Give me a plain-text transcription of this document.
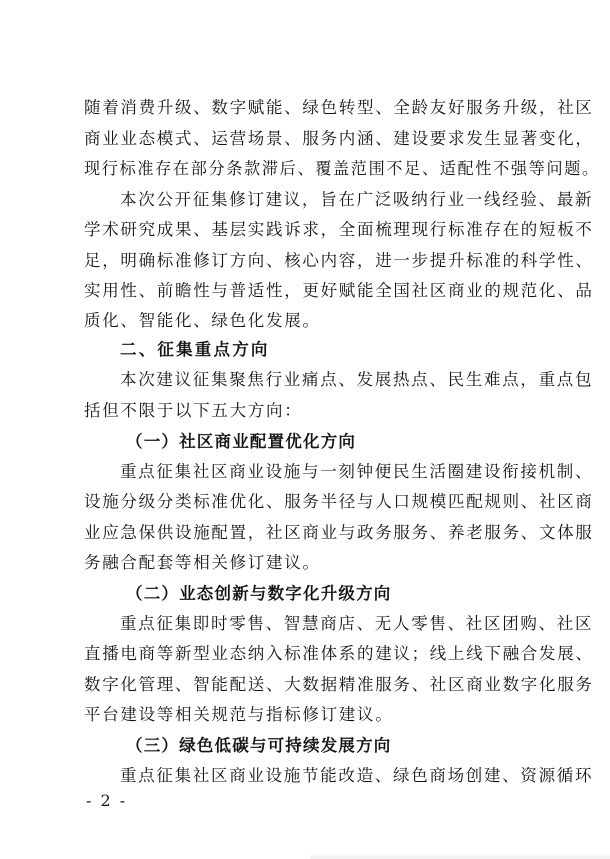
随着消费升级、数字赋能、绿色转型、全龄友好服务升级，社区
商业业态模式、运营场景、服务内涵、建设要求发生显著变化，
现行标准存在部分条款滞后、覆盖范围不足、适配性不强等问题。
本次公开征集修订建议，旨在广泛吸纳行业一线经验、最新
学术研究成果、基层实践诉求，全面梳理现行标准存在的短板不
足，明确标准修订方向、核心内容，进一步提升标准的科学性、
实用性、前瞻性与普适性，更好赋能全国社区商业的规范化、品
质化、智能化、绿色化发展。
二、征集重点方向
本次建议征集聚焦行业痛点、发展热点、民生难点，重点包
括但不限于以下五大方向：
（一）社区商业配置优化方向
重点征集社区商业设施与一刻钟便民生活圈建设衔接机制、
设施分级分类标准优化、服务半径与人口规模匹配规则、社区商
业应急保供设施配置，社区商业与政务服务、养老服务、文体服
务融合配套等相关修订建议。
（二）业态创新与数字化升级方向
重点征集即时零售、智慧商店、无人零售、社区团购、社区
直播电商等新型业态纳入标准体系的建议；线上线下融合发展、
数字化管理、智能配送、大数据精准服务、社区商业数字化服务
平台建设等相关规范与指标修订建议。
（三）绿色低碳与可持续发展方向
重点征集社区商业设施节能改造、绿色商场创建、资源循环
- 2 -
